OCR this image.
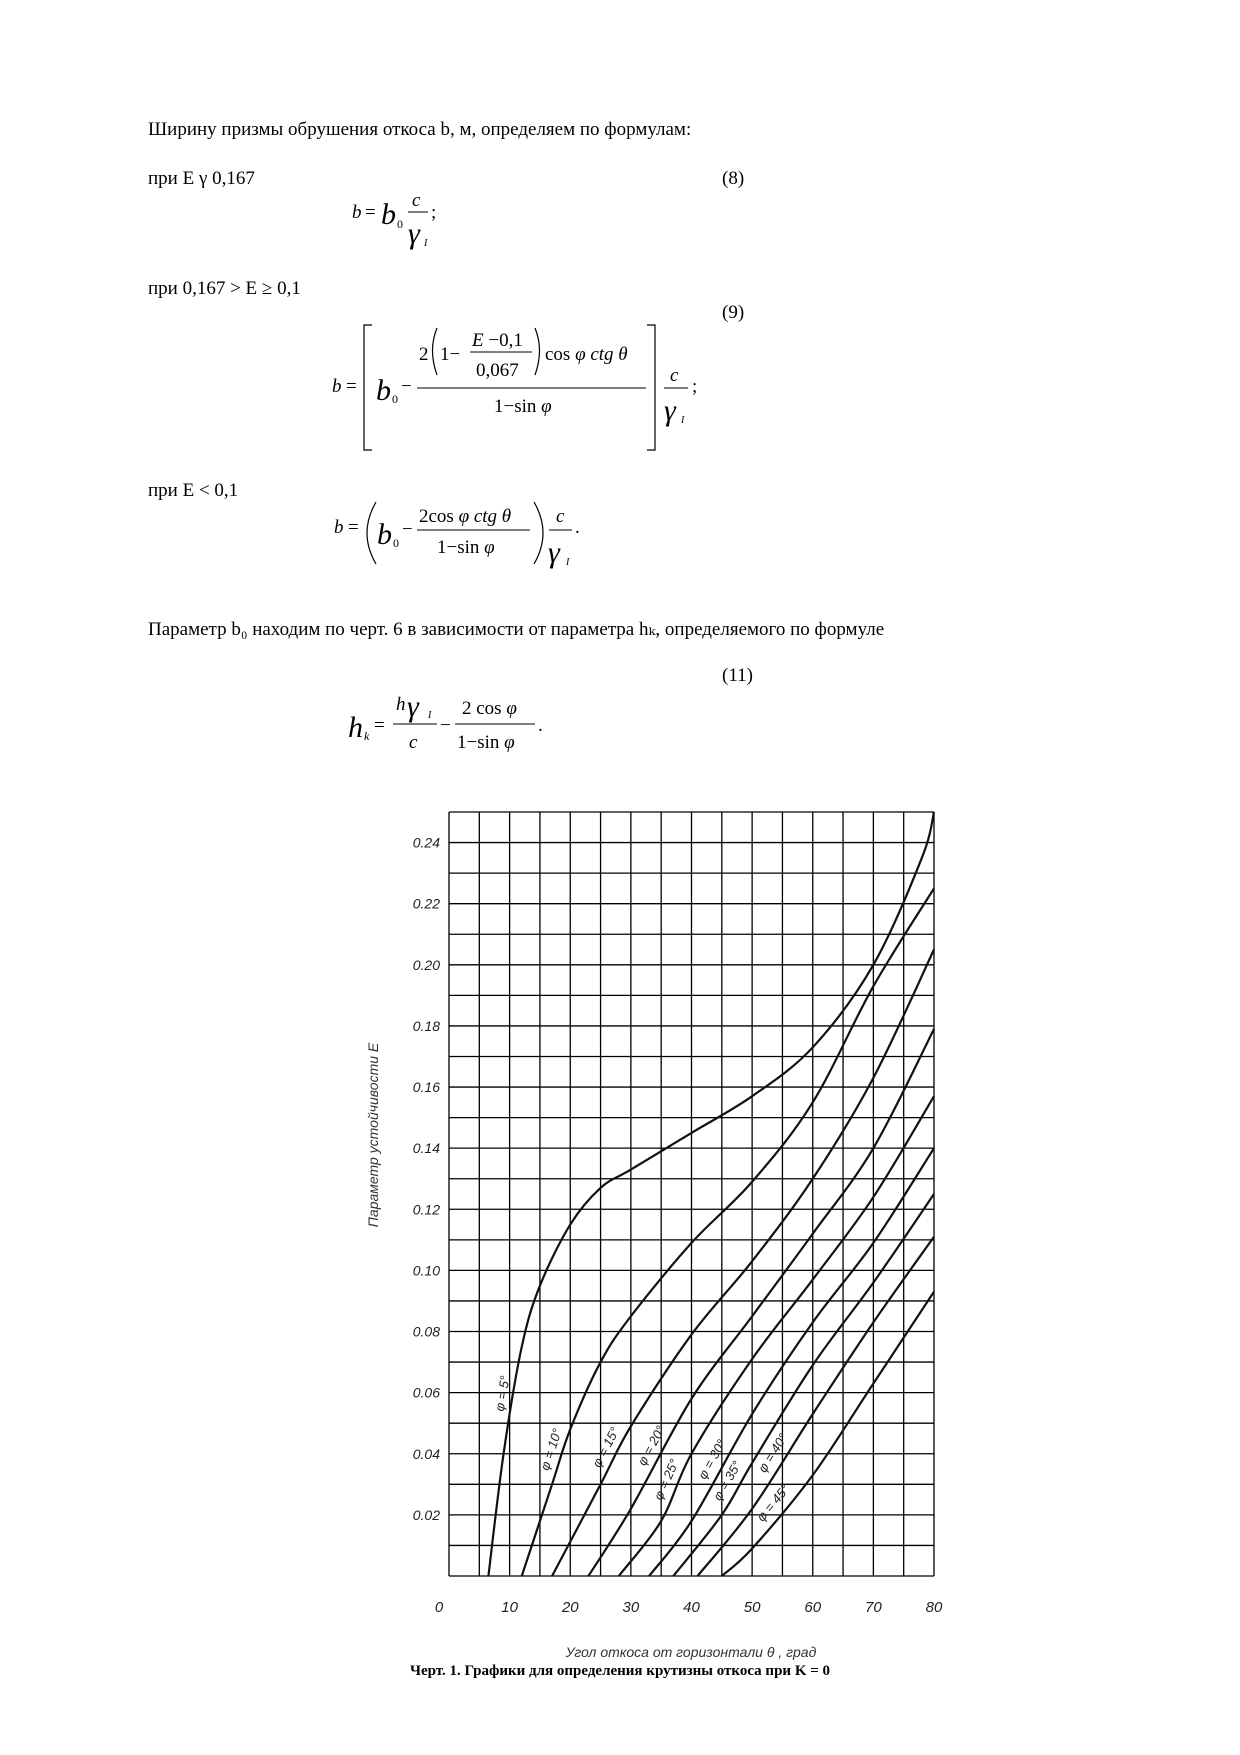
Ширину призмы обрушения откоса b, м, определяем по формулам:
при E γ 0,167	(8)
b = b 0
c
γ I
;
при 0,167 > E ≥ 0,1
(9)
b = b 0
−
2 1−
E −0,1
0,067
cos φ ctg θ
1−sin φ
c
γ I
;
при E < 0,1
b = b 0
−
2cos φ ctg θ
1−sin φ
c
γ I
.
Параметр b₀ находим по черт. 6 в зависимости от параметра hₖ, определяемого по формуле
(11)
h k =
h γ I
c
−
2 cos φ
1−sin φ
.
0	10	20	30	40	50	60	70	80
0.02
0.04
0.06
0.08
0.10
0.12
0.14
0.16
0.18
0.20
0.22
0.24
Угол откоса от горизонтали θ , град
Параметр устойчивости E
φ = 5°
φ = 10° φ = 15° φ = 20°
φ = 25° φ = 30°
φ = 35°
φ = 40°
φ = 45°
Черт. 1. Графики для определения крутизны откоса при K = 0
